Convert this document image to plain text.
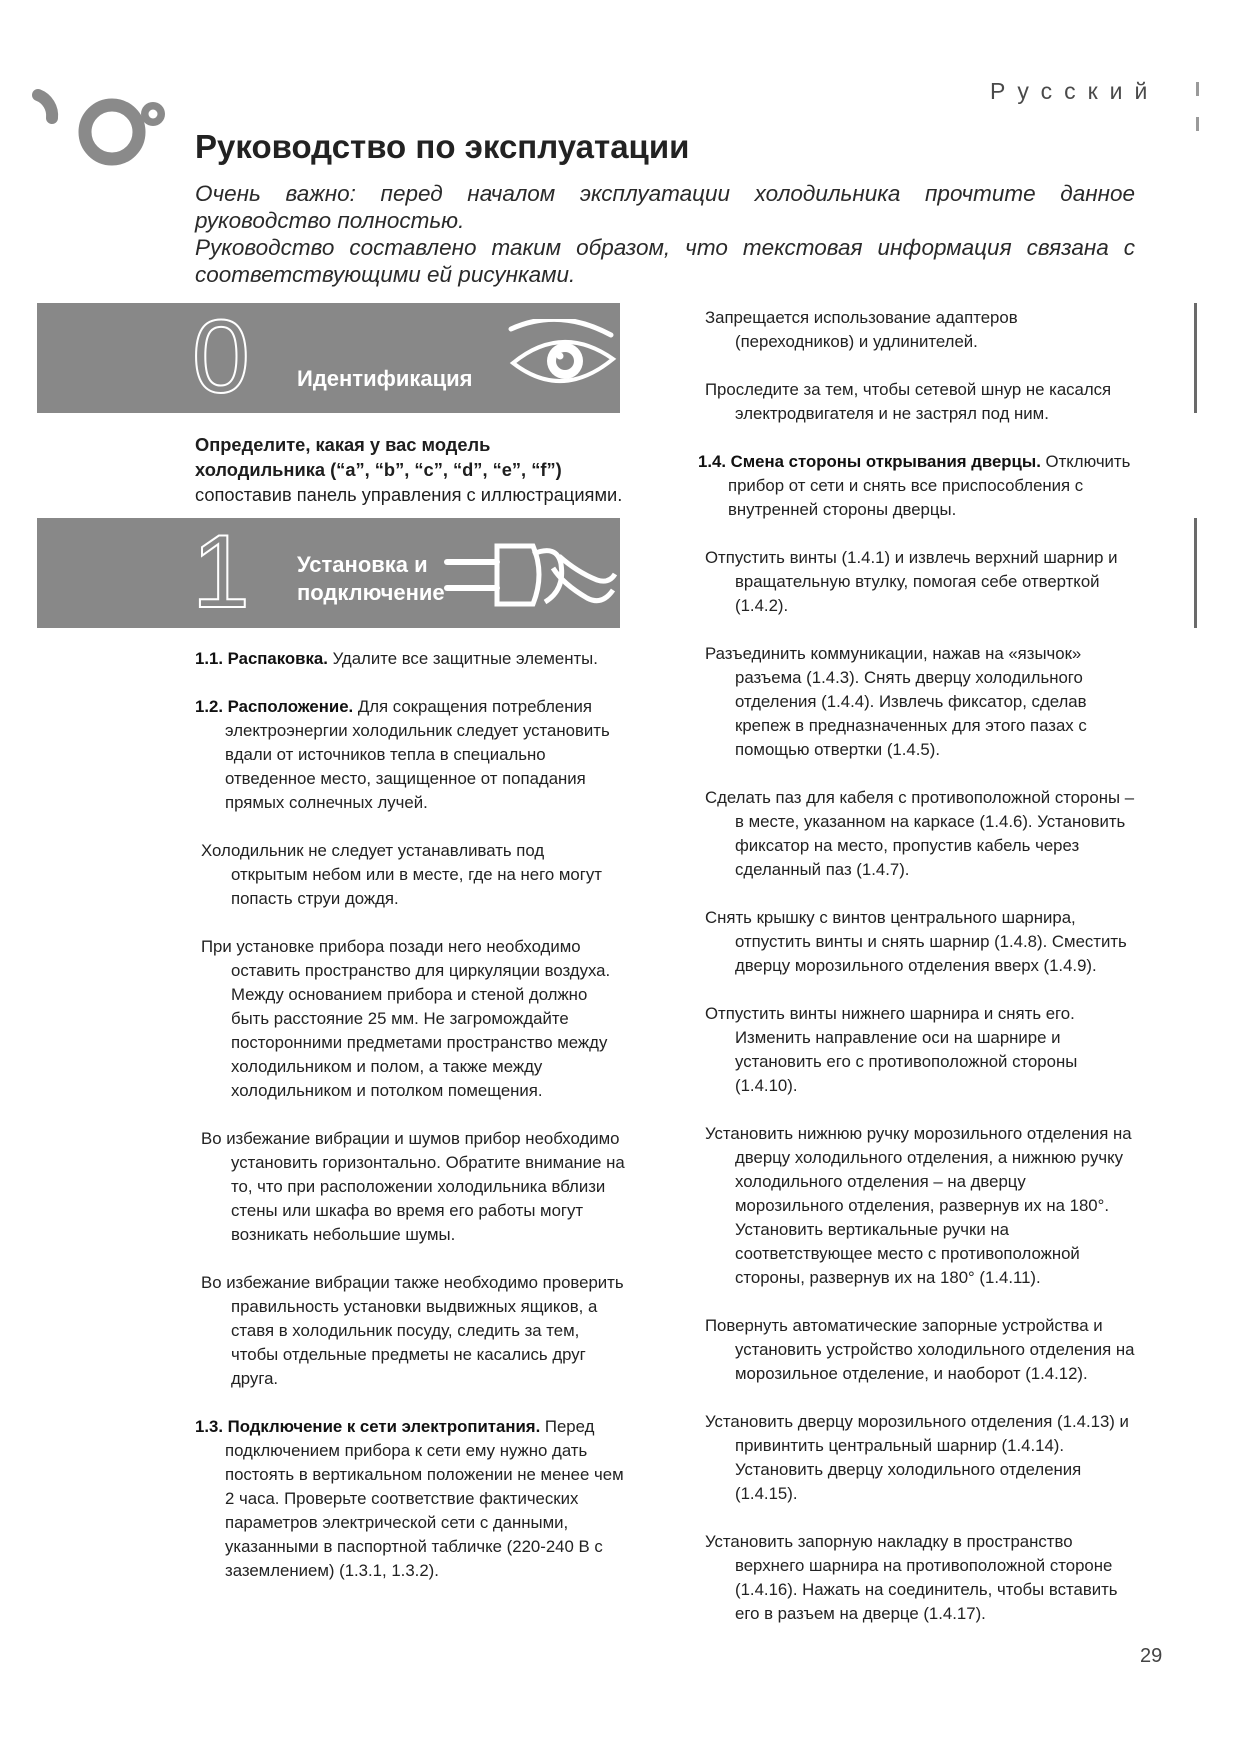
Русский
Руководство по эксплуатации
Очень важно: перед началом эксплуатации холодильника прочтите данное руководство полностью.
Руководство составлено таким образом, что текстовая информация связана с соответствующими ей рисунками.
0 Идентификация
Определите, какая у вас модель холодильника (“a”, “b”, “c”, “d”, “e”, “f”) сопоставив панель управления с иллюстрациями.
1 Установка и
подключение

1.1. Распаковка. Удалите все защитные элементы.

1.2. Расположение. Для сокращения потребления электроэнергии холодильник следует установить вдали от источников тепла в специально отведенное место, защищенное от попадания прямых солнечных лучей.

Холодильник не следует устанавливать под открытым небом или в месте, где на него могут попасть струи дождя.

При установке прибора позади него необходимо оставить пространство для циркуляции воздуха. Между основанием прибора и стеной должно быть расстояние 25 мм. Не загромождайте посторонними предметами пространство между холодильником и полом, а также между холодильником и потолком помещения.

Во избежание вибрации и шумов прибор необходимо установить горизонтально. Обратите внимание на то, что при расположении холодильника вблизи стены или шкафа во время его работы могут возникать небольшие шумы.

Во избежание вибрации также необходимо проверить правильность установки выдвижных ящиков, а ставя в холодильник посуду, следить за тем, чтобы отдельные предметы не касались друг друга.

1.3. Подключение к сети электропитания. Перед подключением прибора к сети ему нужно дать постоять в вертикальном положении не менее чем 2 часа. Проверьте соответствие фактических параметров электрической сети с данными, указанными в паспортной табличке (220-240 В с заземлением) (1.3.1, 1.3.2).

Запрещается использование адаптеров (переходников) и удлинителей.

Проследите за тем, чтобы сетевой шнур не касался электродвигателя и не застрял под ним.

1.4. Смена стороны открывания дверцы. Отключить прибор от сети и снять все приспособления с внутренней стороны дверцы.

Отпустить винты (1.4.1) и извлечь верхний шарнир и вращательную втулку, помогая себе отверткой (1.4.2).

Разъединить коммуникации, нажав на «язычок» разъема (1.4.3). Снять дверцу холодильного отделения (1.4.4). Извлечь фиксатор, сделав крепеж в предназначенных для этого пазах с помощью отвертки (1.4.5).

Сделать паз для кабеля с противоположной стороны – в месте, указанном на каркасе (1.4.6). Установить фиксатор на место, пропустив кабель через сделанный паз (1.4.7).

Снять крышку с винтов центрального шарнира, отпустить винты и снять шарнир (1.4.8). Сместить дверцу морозильного отделения вверх (1.4.9).

Отпустить винты нижнего шарнира и снять его. Изменить направление оси на шарнире и установить его с противоположной стороны (1.4.10).

Установить нижнюю ручку морозильного отделения на дверцу холодильного отделения, а нижнюю ручку холодильного отделения – на дверцу морозильного отделения, развернув их на 180°. Установить вертикальные ручки на соответствующее место с противоположной стороны, развернув их на 180° (1.4.11).

Повернуть автоматические запорные устройства и установить устройство холодильного отделения на морозильное отделение, и наоборот (1.4.12).

Установить дверцу морозильного отделения (1.4.13) и привинтить центральный шарнир (1.4.14). Установить дверцу холодильного отделения (1.4.15).

Установить запорную накладку в пространство верхнего шарнира на противоположной стороне (1.4.16). Нажать на соединитель, чтобы вставить его в разъем на дверце (1.4.17).

29
